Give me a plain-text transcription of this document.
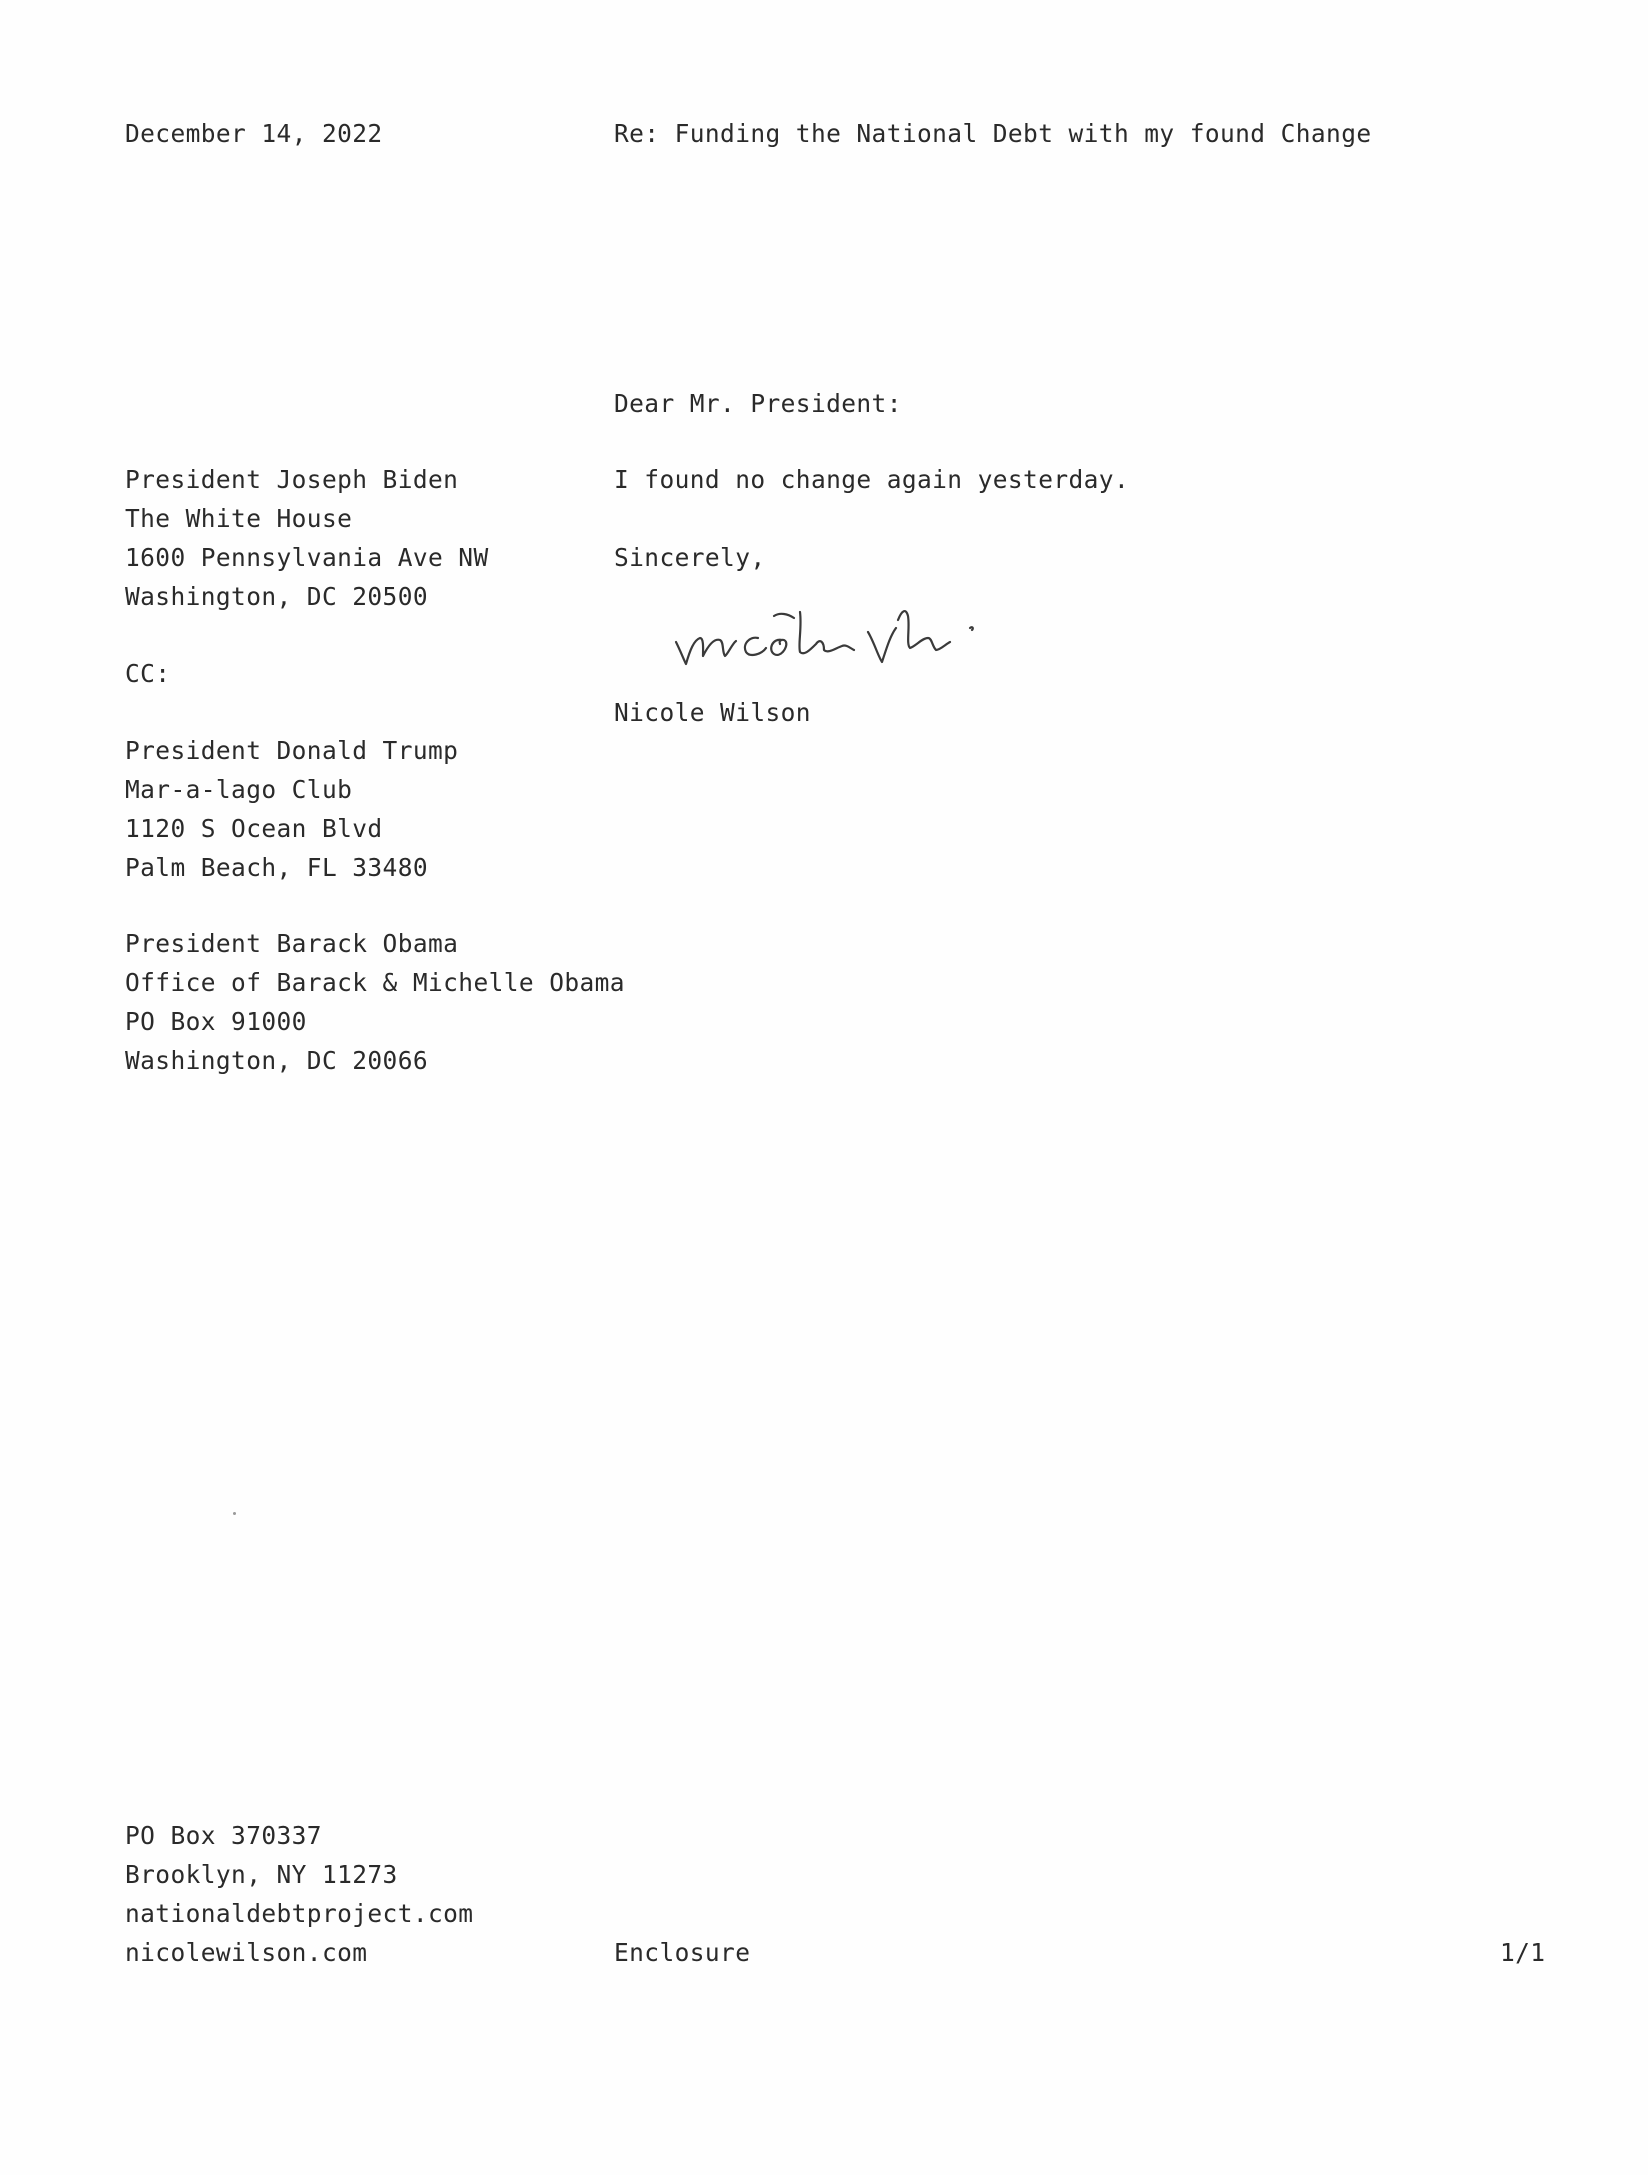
December 14, 2022	Re: Funding the National Debt with my found Change
Dear Mr. President:
President Joseph Biden
The White House
1600 Pennsylvania Ave NW
Washington, DC 20500
I found no change again yesterday.
Sincerely,
CC:
Nicole Wilson
President Donald Trump
Mar-a-lago Club
1120 S Ocean Blvd
Palm Beach, FL 33480
President Barack Obama
Office of Barack & Michelle Obama
PO Box 91000
Washington, DC 20066
PO Box 370337
Brooklyn, NY 11273
nationaldebtproject.com
nicolewilson.com	Enclosure	1/1
